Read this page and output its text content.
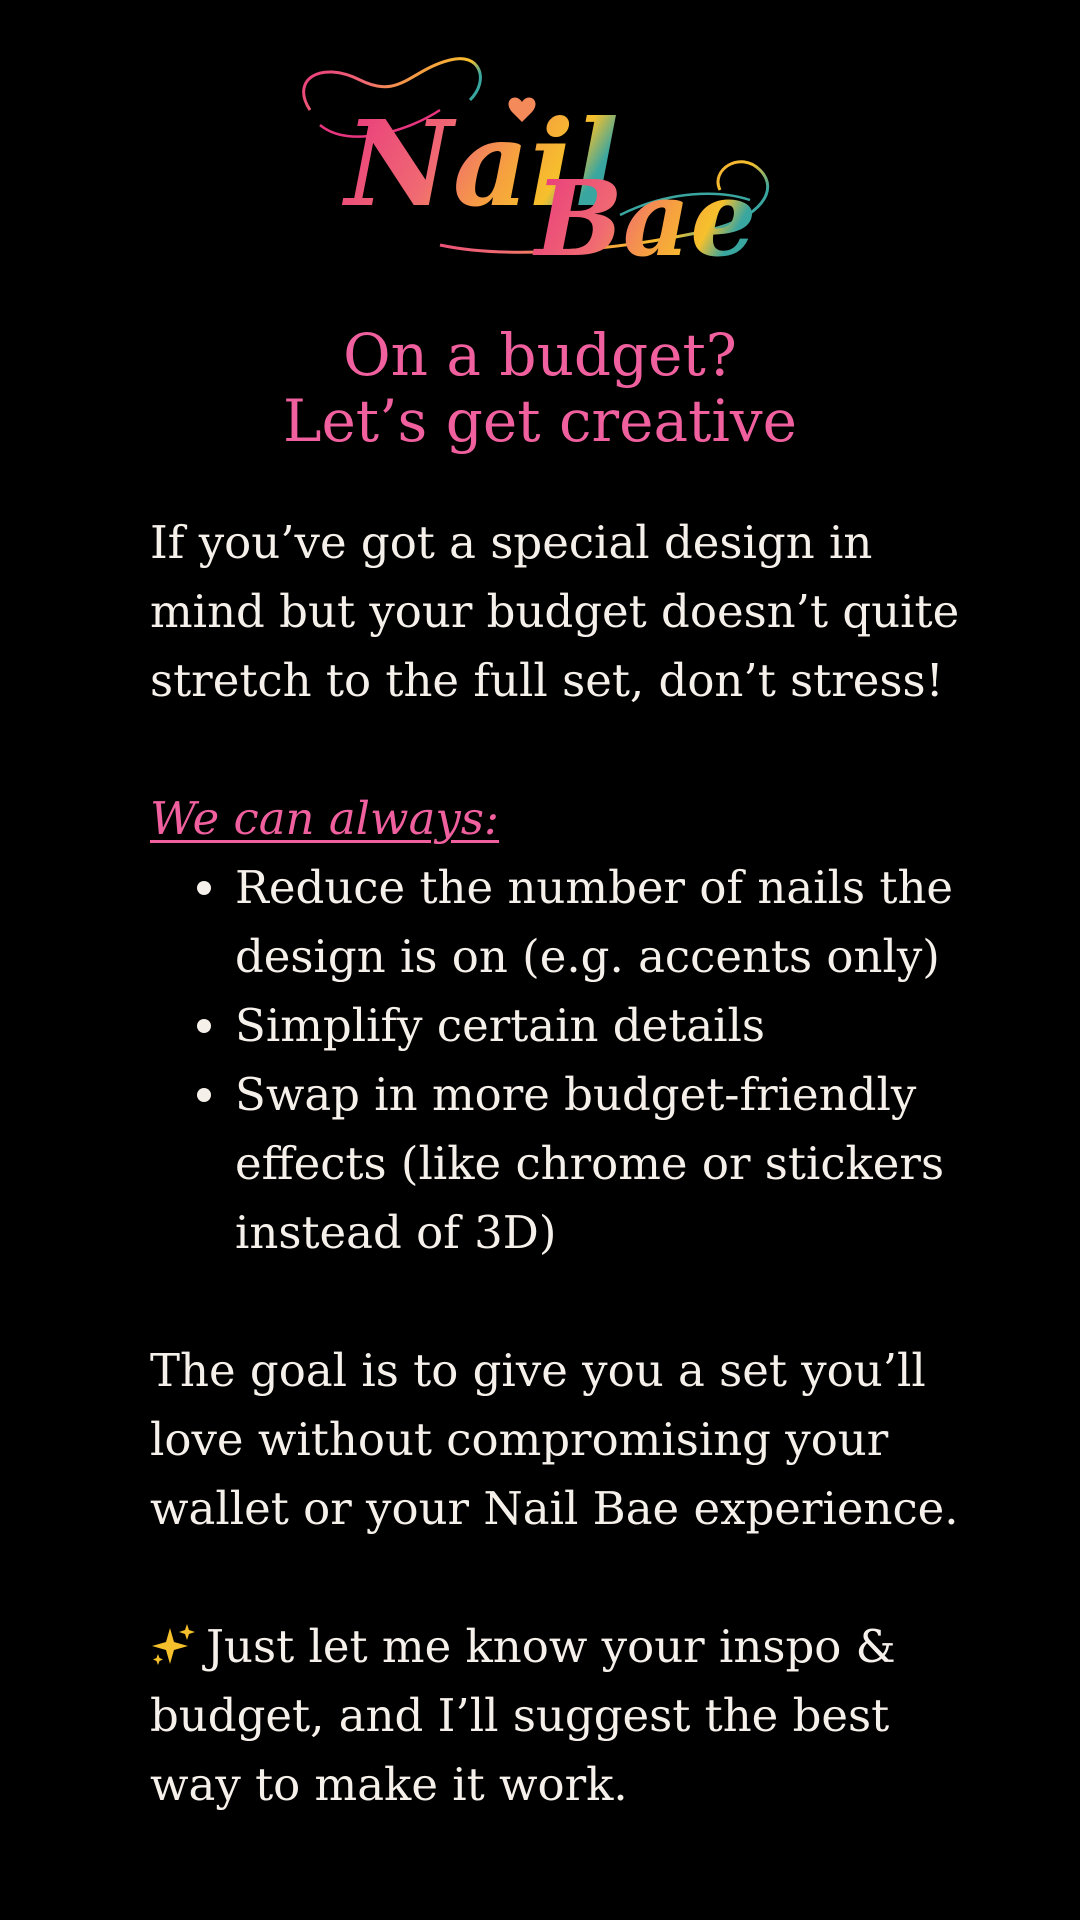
Nail
Bae
On a budget?
Let’s get creative

If you’ve got a special design in
mind but your budget doesn’t quite
stretch to the full set, don’t stress!

We can always:

Reduce the number of nails the
design is on (e.g. accents only)
Simplify certain details
Swap in more budget-friendly
effects (like chrome or stickers
instead of 3D)

The goal is to give you a set you’ll
love without compromising your
wallet or your Nail Bae experience.

Just let me know your inspo &
budget, and I’ll suggest the best
way to make it work.
